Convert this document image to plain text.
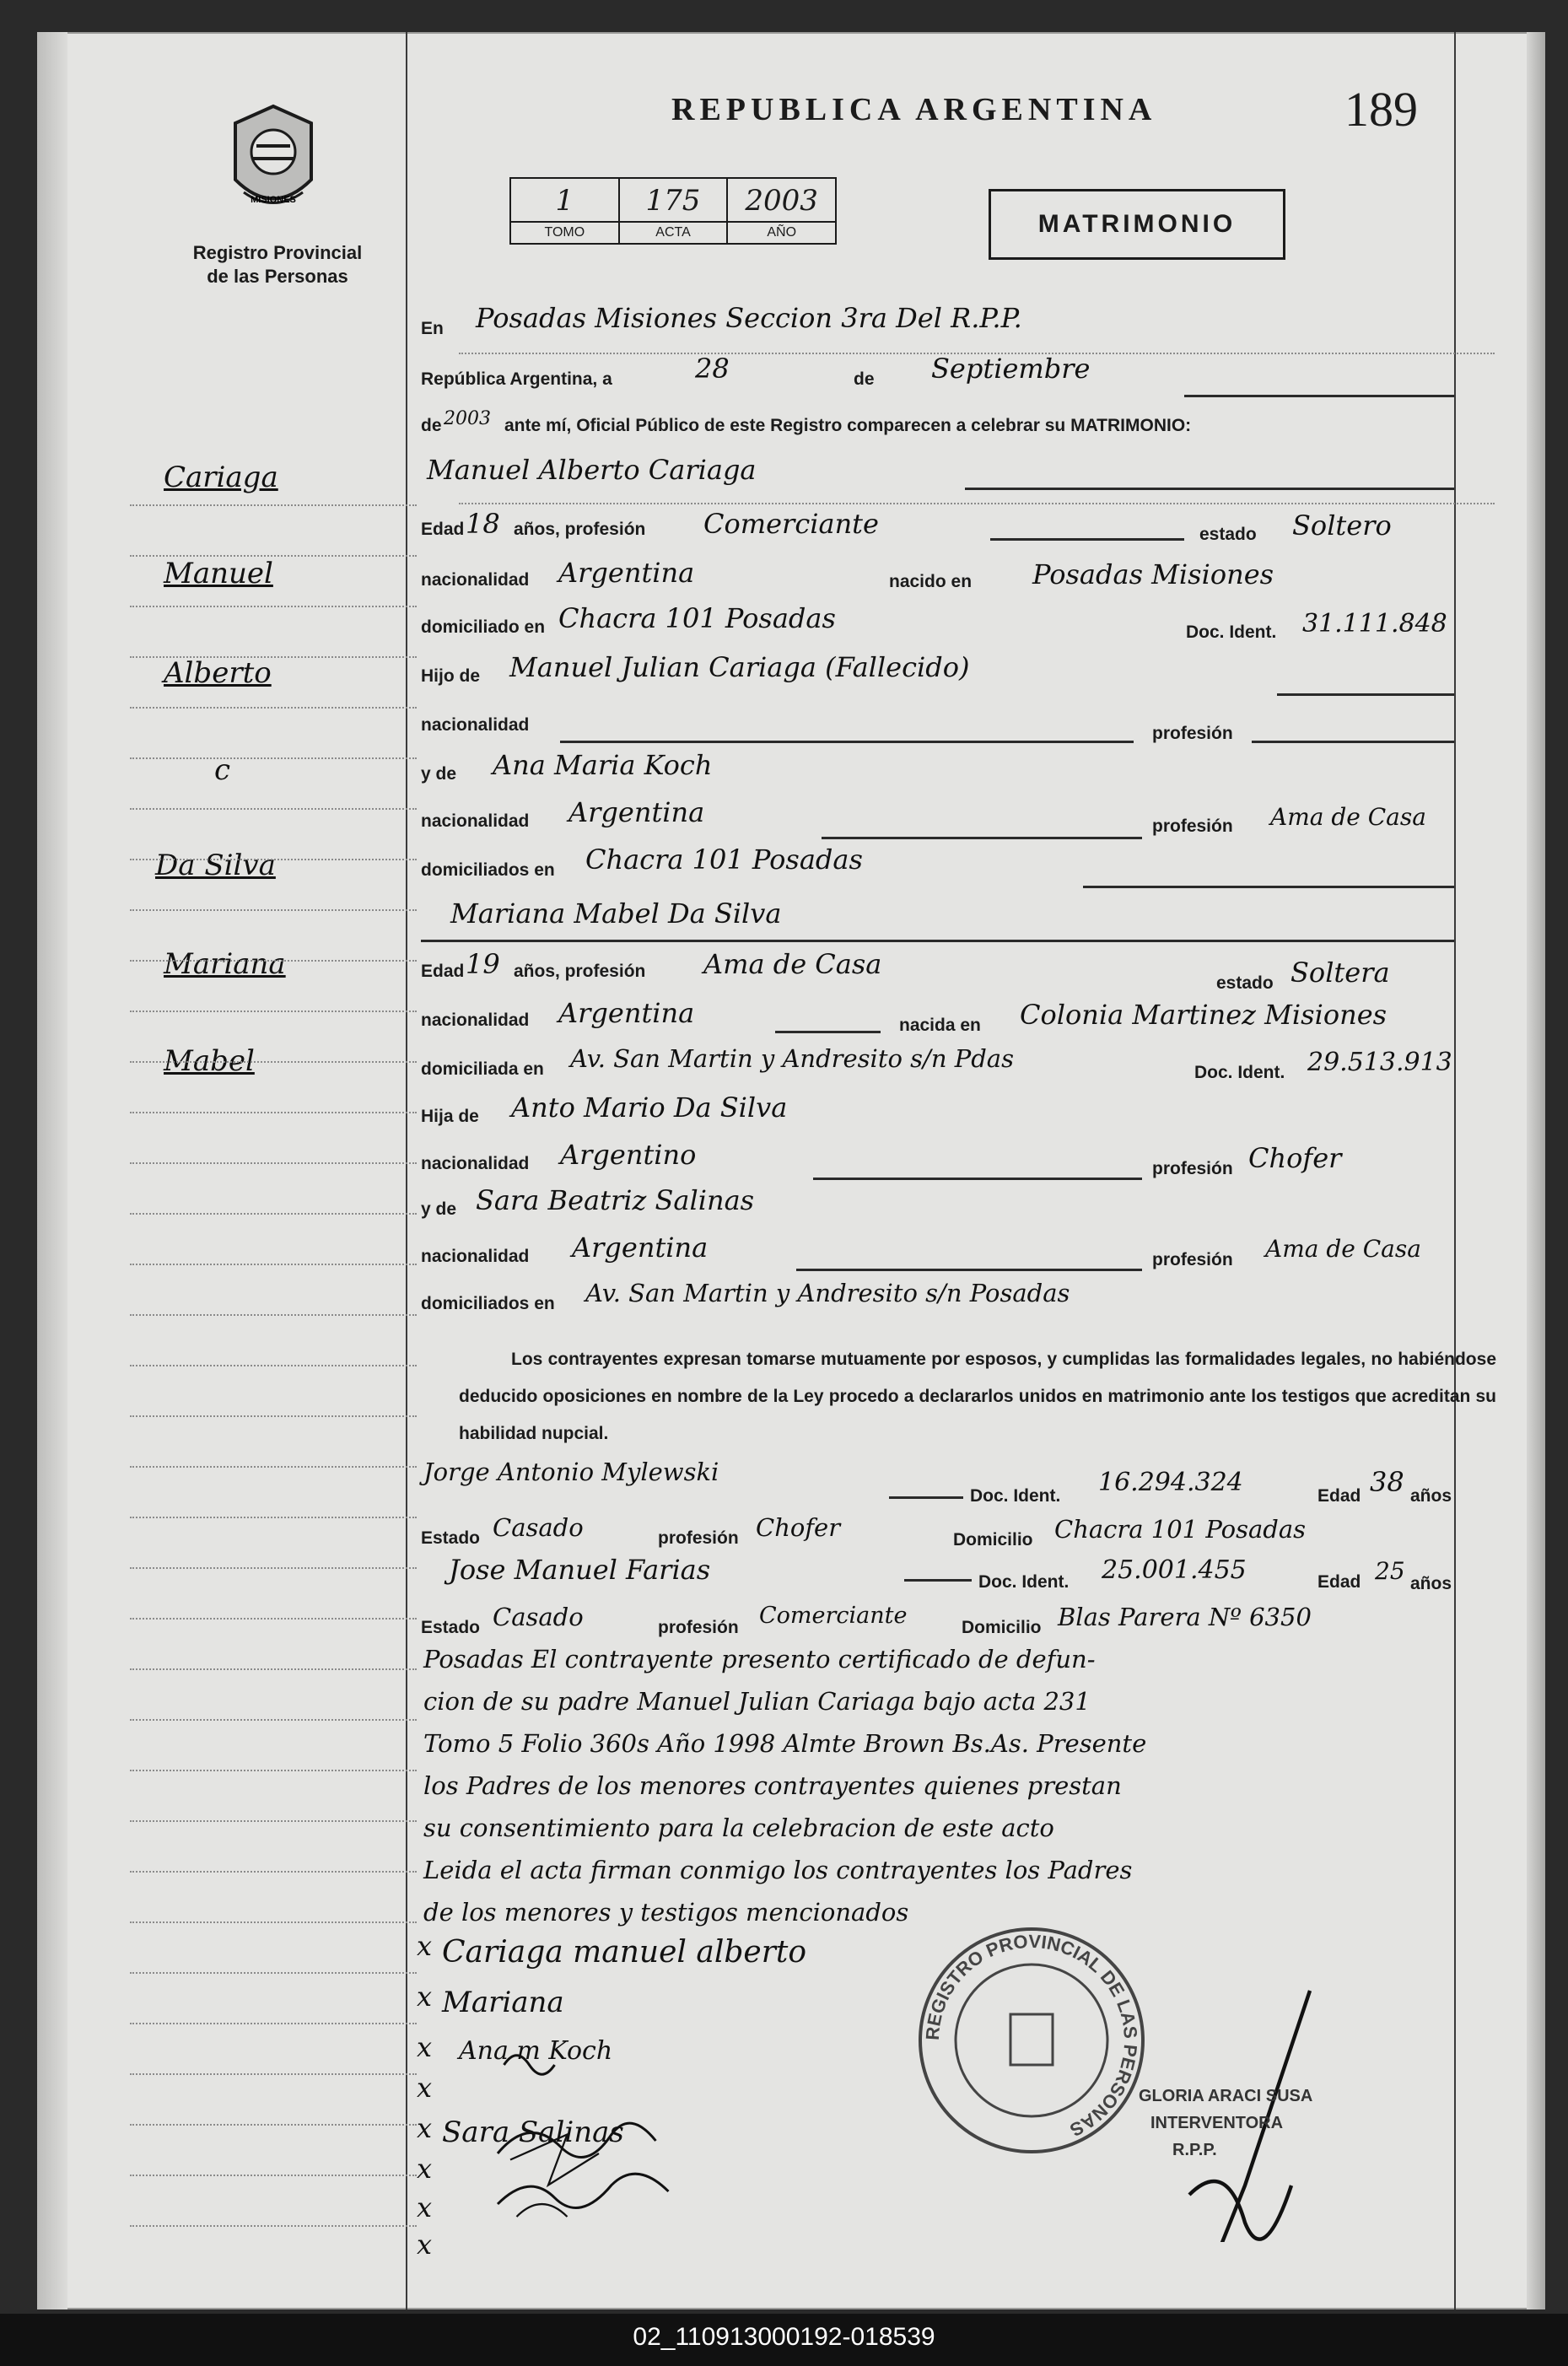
MISIONES
Registro Provincial
de las Personas
REPUBLICA ARGENTINA	189
1
TOMO
175
ACTA
2003
AÑO	MATRIMONIO
Cariaga
Manuel
Alberto
c
Da Silva
Mariana
Mabel
En Posadas Misiones Seccion 3ra Del R.P.P.
República Argentina, a	28	de Septiembre
de 2003 ante mí, Oficial Público de este Registro comparecen a celebrar su MATRIMONIO:
Manuel Alberto Cariaga
Edad 18 años, profesión Comerciante	estado Soltero
nacionalidad Argentina	nacido en Posadas Misiones
domiciliado en Chacra 101 Posadas	Doc. Ident. 31.111.848
Hijo de Manuel Julian Cariaga (Fallecido)
nacionalidad	profesión
y de Ana Maria Koch
nacionalidad Argentina	profesión Ama de Casa
domiciliados en Chacra 101 Posadas
Mariana Mabel Da Silva
Edad 19 años, profesión Ama de Casa
estado Soltera
nacionalidad Argentina	nacida en Colonia Martinez Misiones
domiciliada en Av. San Martin y Andresito s/n Pdas	Doc. Ident. 29.513.913
Hija de Anto Mario Da Silva
nacionalidad Argentino	profesión Chofer
y de Sara Beatriz Salinas
nacionalidad Argentina	profesión Ama de Casa
domiciliados en Av. San Martin y Andresito s/n Posadas
Los contrayentes expresan tomarse mutuamente por esposos, y cumplidas las formalidades legales, no habiéndose deducido oposiciones en nombre de la Ley procedo a declararlos unidos en matrimonio ante los testigos que acreditan su habilidad nupcial.
Jorge Antonio Mylewski
Doc. Ident. 16.294.324	Edad 38 años
Estado Casado	profesión Chofer	Domicilio Chacra 101 Posadas
Jose Manuel Farias	Doc. Ident. 25.001.455	Edad 25 años
Estado Casado	profesión Comerciante	Domicilio Blas Parera Nº 6350
Posadas El contrayente presento certificado de defun-
cion de su padre Manuel Julian Cariaga bajo acta 231
Tomo 5 Folio 360s Año 1998 Almte Brown Bs.As. Presente
los Padres de los menores contrayentes quienes prestan
su consentimiento para la celebracion de este acto
Leida el acta firman conmigo los contrayentes los Padres
de los menores y testigos mencionados
x
x
x
x
x
x
x
x
Cariaga manuel alberto
Mariana
Ana m Koch
Sara Salinas
REGISTRO PROVINCIAL DE LAS PERSONAS
GLORIA ARACI SUSA
INTERVENTORA
R.P.P.
02_110913000192-018539
